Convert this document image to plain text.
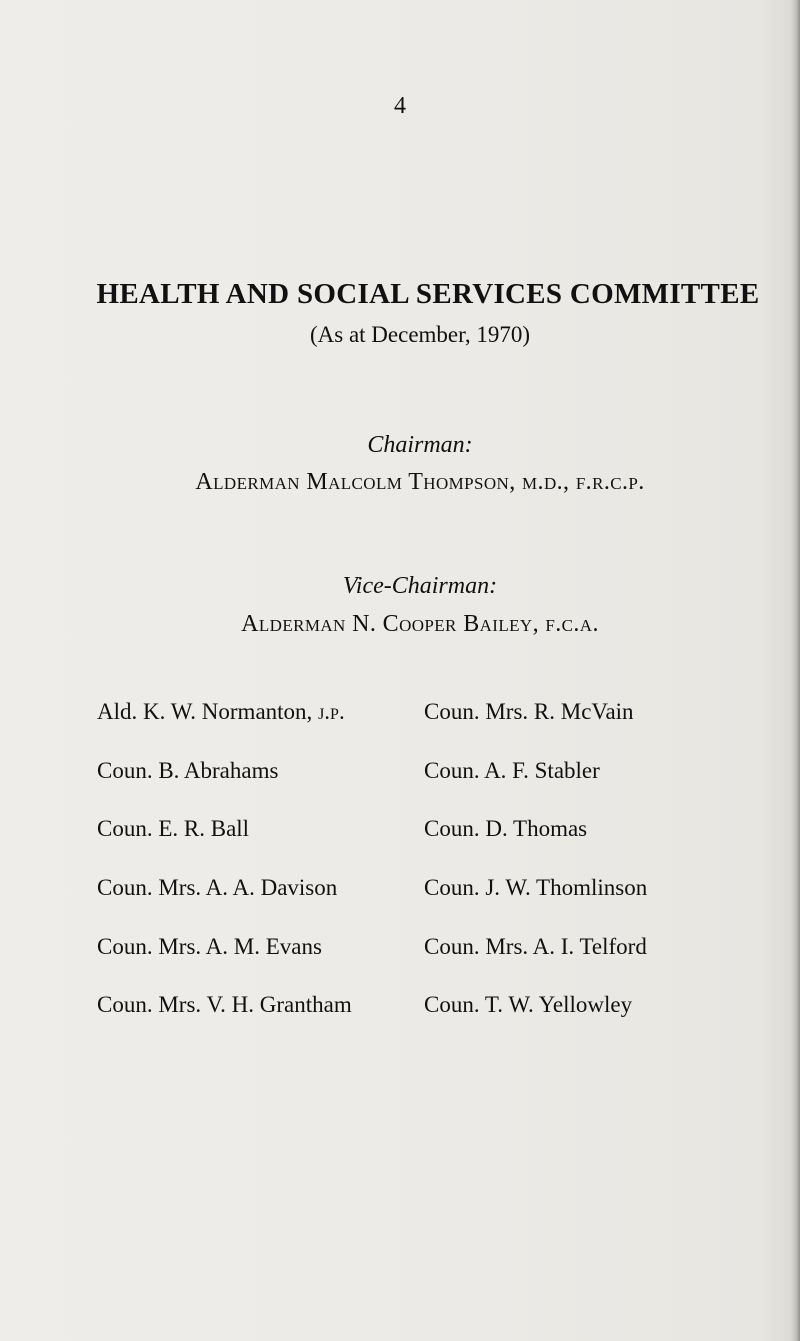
4
HEALTH AND SOCIAL SERVICES COMMITTEE
(As at December, 1970)
Chairman:
Alderman Malcolm Thompson, m.d., f.r.c.p.
Vice-Chairman:
Alderman N. Cooper Bailey, f.c.a.
Ald. K. W. Normanton, j.p.
Coun. B. Abrahams
Coun. E. R. Ball
Coun. Mrs. A. A. Davison
Coun. Mrs. A. M. Evans
Coun. Mrs. V. H. Grantham
Coun. Mrs. R. McVain
Coun. A. F. Stabler
Coun. D. Thomas
Coun. J. W. Thomlinson
Coun. Mrs. A. I. Telford
Coun. T. W. Yellowley
